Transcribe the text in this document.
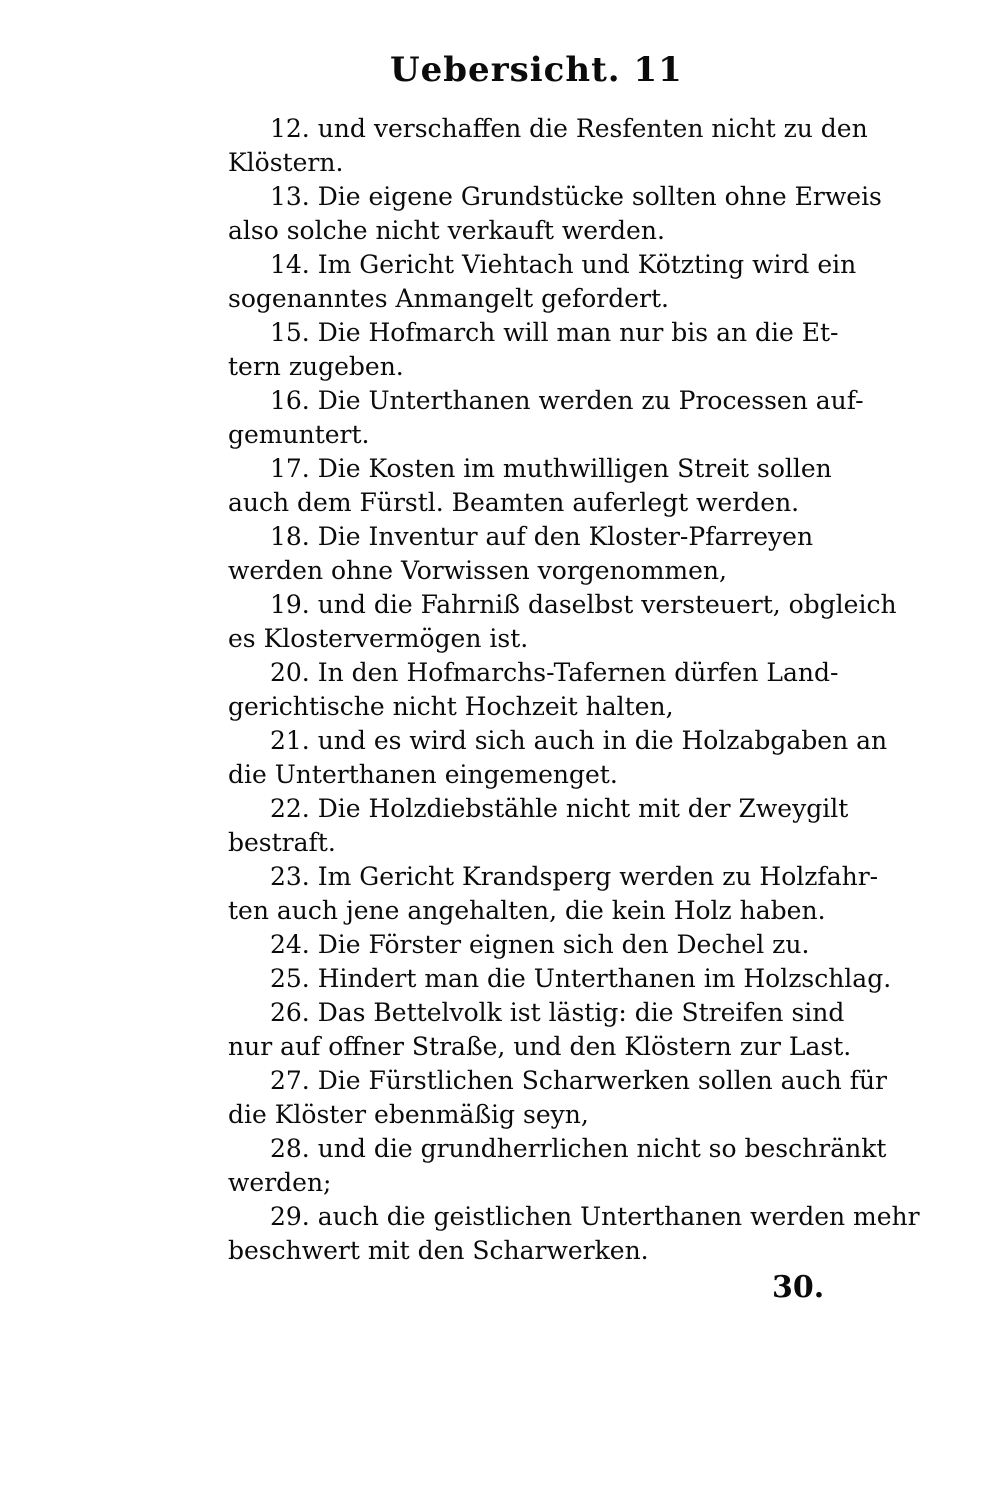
Uebersicht. 11
12. und verschaffen die Resfenten nicht zu den
Klöstern.
13. Die eigene Grundstücke sollten ohne Erweis
also solche nicht verkauft werden.
14. Im Gericht Viehtach und Kötzting wird ein
sogenanntes Anmangelt gefordert.
15. Die Hofmarch will man nur bis an die Et-
tern zugeben.
16. Die Unterthanen werden zu Processen auf-
gemuntert.
17. Die Kosten im muthwilligen Streit sollen
auch dem Fürstl. Beamten auferlegt werden.
18. Die Inventur auf den Kloster-Pfarreyen
werden ohne Vorwissen vorgenommen,
19. und die Fahrniß daselbst versteuert, obgleich
es Klostervermögen ist.
20. In den Hofmarchs-Tafernen dürfen Land-
gerichtische nicht Hochzeit halten,
21. und es wird sich auch in die Holzabgaben an
die Unterthanen eingemenget.
22. Die Holzdiebstähle nicht mit der Zweygilt
bestraft.
23. Im Gericht Krandsperg werden zu Holzfahr-
ten auch jene angehalten, die kein Holz haben.
24. Die Förster eignen sich den Dechel zu.
25. Hindert man die Unterthanen im Holzschlag.
26. Das Bettelvolk ist lästig: die Streifen sind
nur auf offner Straße, und den Klöstern zur Last.
27. Die Fürstlichen Scharwerken sollen auch für
die Klöster ebenmäßig seyn,
28. und die grundherrlichen nicht so beschränkt
werden;
29. auch die geistlichen Unterthanen werden mehr
beschwert mit den Scharwerken.
30.
